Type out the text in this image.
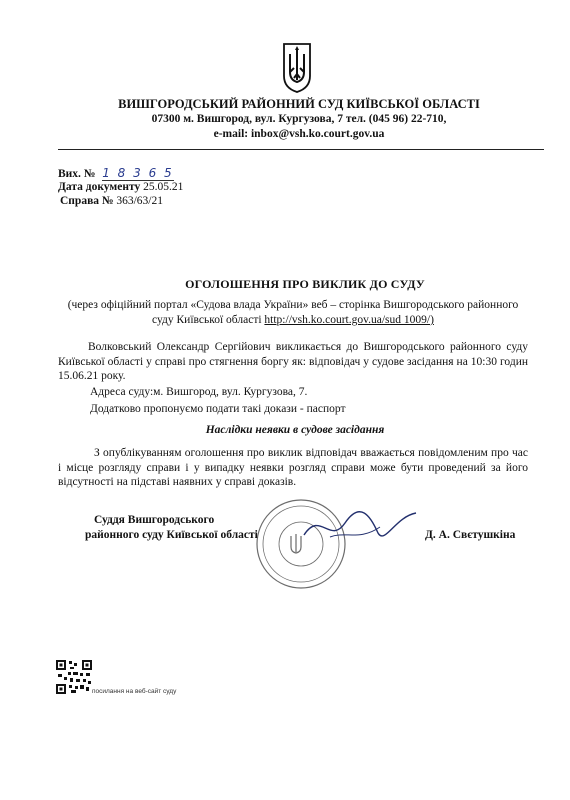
ВИШГОРОДСЬКИЙ РАЙОННИЙ СУД КИЇВСЬКОЇ ОБЛАСТІ
07300 м. Вишгород, вул. Кургузова, 7 тел. (045 96) 22-710,
e-mail: inbox@vsh.ko.court.gov.ua
Вих. № 1 8 3 6 5
Дата документу 25.05.21
Справа № 363/63/21
ОГОЛОШЕННЯ ПРО ВИКЛИК ДО СУДУ
(через офіційний портал «Судова влада України» веб – сторінка Вишгородського районного суду Київської області http://vsh.ko.court.gov.ua/sud 1009/)
Волковський Олександр Сергійович викликається до Вишгородського районного суду Київської області у справі про стягнення боргу як: відповідач у судове засідання на 10:30 годин 15.06.21 року.
Адреса суду:м. Вишгород, вул. Кургузова, 7.
Додатково пропонуємо подати такі докази - паспорт
Наслідки неявки в судове засідання
З опублікуванням оголошення про виклик відповідач вважається повідомленим про час і місце розгляду справи і у випадку неявки розгляд справи може бути проведений за його відсутності на підставі наявних у справі доказів.
Суддя Вишгородського
районного суду Київської області	Д. А. Свєтушкіна
посилання на веб-сайт суду
